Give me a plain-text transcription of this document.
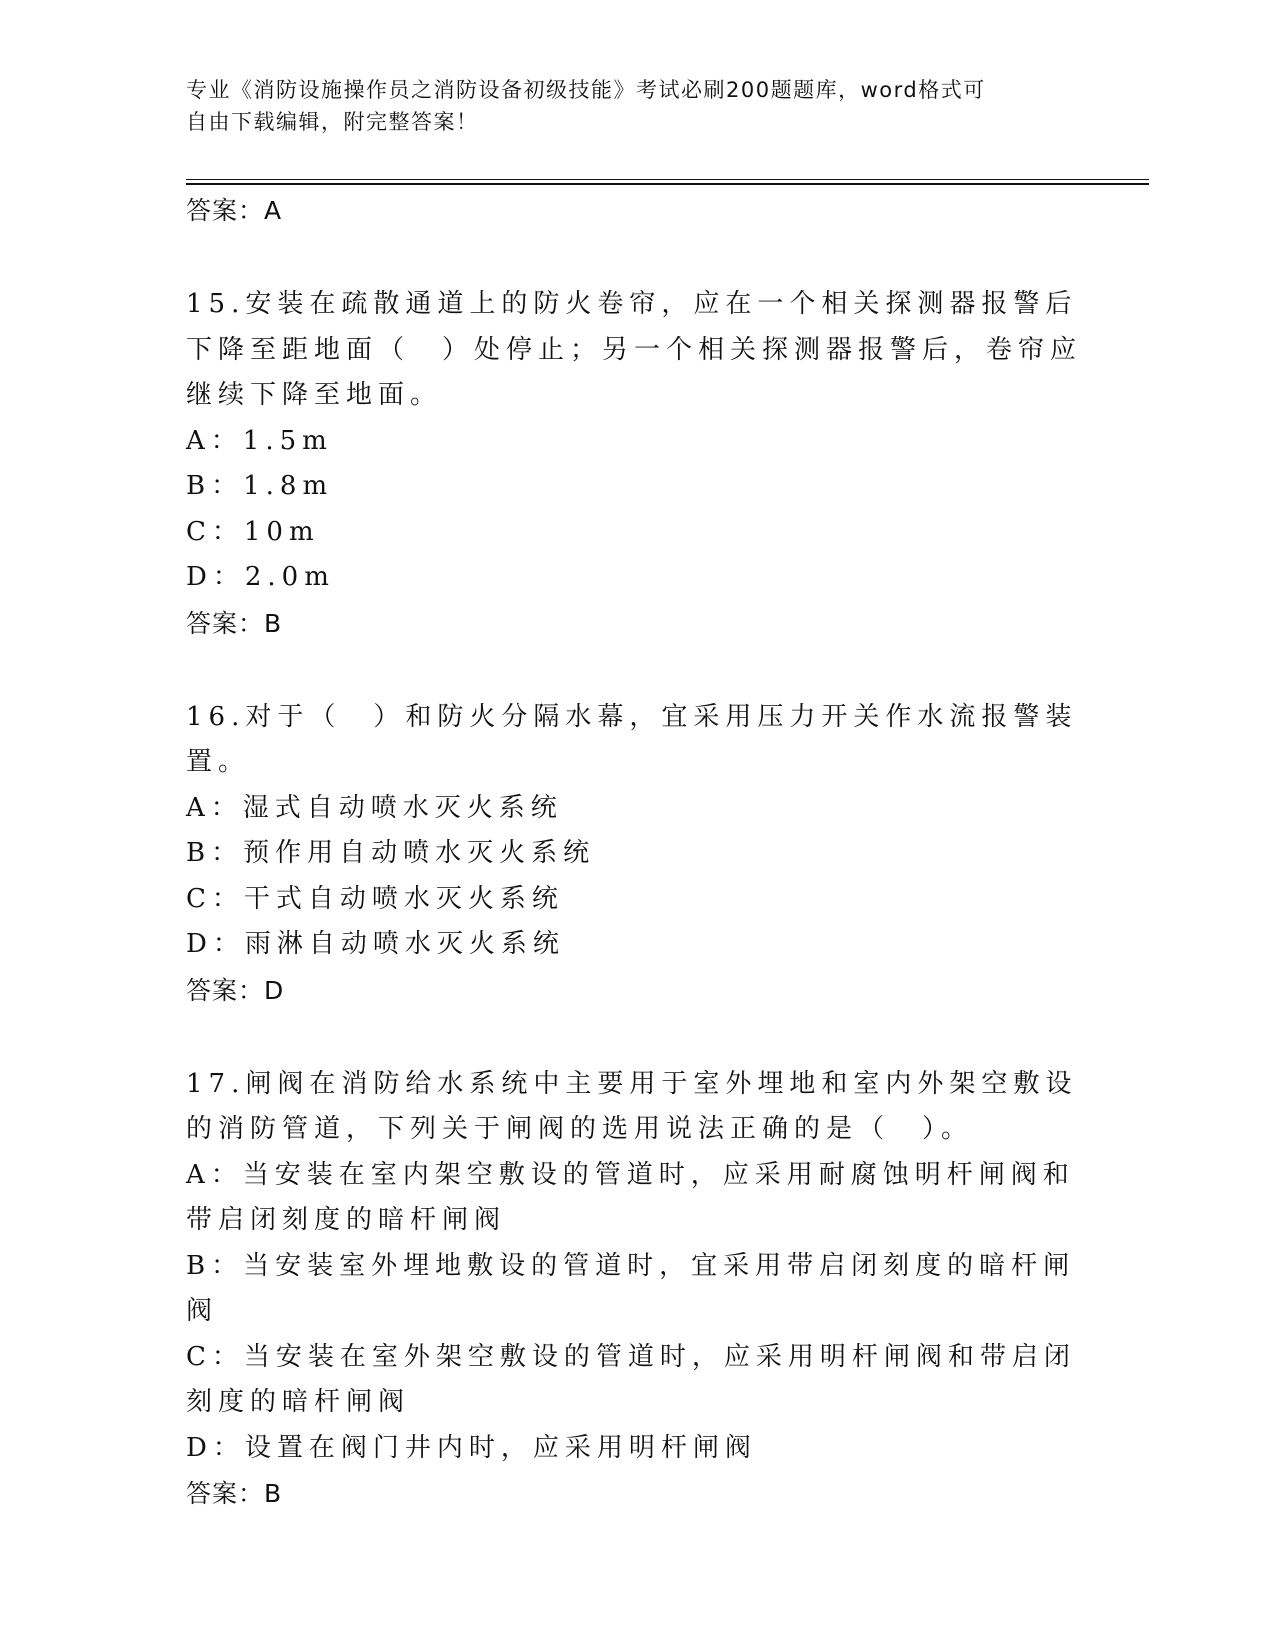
专业《消防设施操作员之消防设备初级技能》考试必刷200题题库，word格式可
自由下载编辑，附完整答案！
答案：A

15.安装在疏散通道上的防火卷帘，应在一个相关探测器报警后下降至距地面（　）处停止；另一个相关探测器报警后，卷帘应继续下降至地面。

A：1.5m

B：1.8m

C：10m

D：2.0m

答案：B

16.对于（　）和防火分隔水幕，宜采用压力开关作水流报警装置。

A：湿式自动喷水灭火系统

B：预作用自动喷水灭火系统

C：干式自动喷水灭火系统

D：雨淋自动喷水灭火系统

答案：D

17.闸阀在消防给水系统中主要用于室外埋地和室内外架空敷设的消防管道，下列关于闸阀的选用说法正确的是（　）。

A：当安装在室内架空敷设的管道时，应采用耐腐蚀明杆闸阀和带启闭刻度的暗杆闸阀

B：当安装室外埋地敷设的管道时，宜采用带启闭刻度的暗杆闸阀

C：当安装在室外架空敷设的管道时，应采用明杆闸阀和带启闭刻度的暗杆闸阀

D：设置在阀门井内时，应采用明杆闸阀

答案：B
